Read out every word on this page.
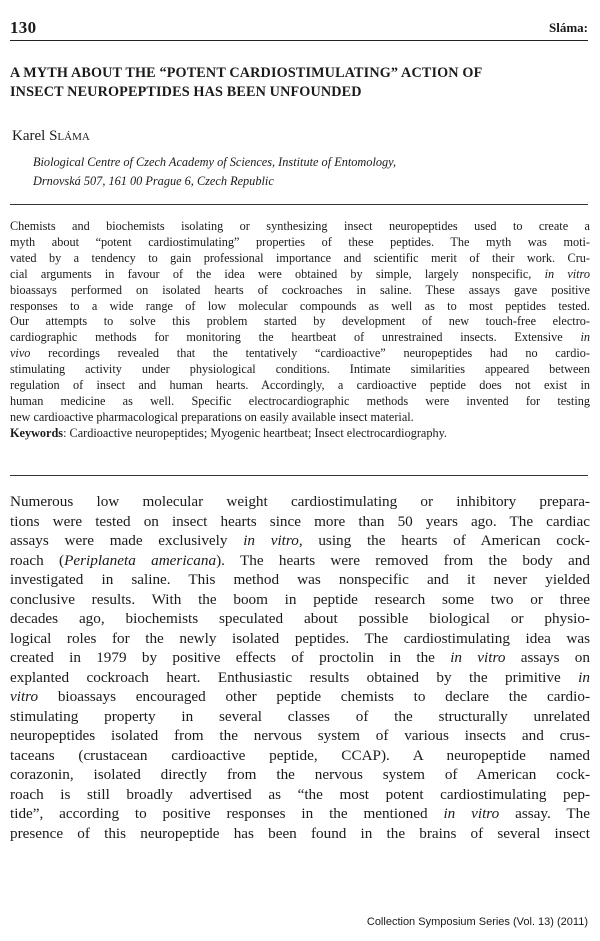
130	Sláma:
A MYTH ABOUT THE “POTENT CARDIOSTIMULATING” ACTION OF
INSECT NEUROPEPTIDES HAS BEEN UNFOUNDED

Karel Sláma

Biological Centre of Czech Academy of Sciences, Institute of Entomology,
Drnovská 507, 161 00 Prague 6, Czech Republic

Chemists and biochemists isolating or synthesizing insect neuropeptides used to create a
myth about “potent cardiostimulating” properties of these peptides. The myth was moti-
vated by a tendency to gain professional importance and scientific merit of their work. Cru-
cial arguments in favour of the idea were obtained by simple, largely nonspecific, in vitro
bioassays performed on isolated hearts of cockroaches in saline. These assays gave positive
responses to a wide range of low molecular compounds as well as to most peptides tested.
Our attempts to solve this problem started by development of new touch-free electro-
cardiographic methods for monitoring the heartbeat of unrestrained insects. Extensive in
vivo recordings revealed that the tentatively “cardioactive” neuropeptides had no cardio-
stimulating activity under physiological conditions. Intimate similarities appeared between
regulation of insect and human hearts. Accordingly, a cardioactive peptide does not exist in
human medicine as well. Specific electrocardiographic methods were invented for testing
new cardioactive pharmacological preparations on easily available insect material.
Keywords: Cardioactive neuropeptides; Myogenic heartbeat; Insect electrocardiography.
Numerous low molecular weight cardiostimulating or inhibitory prepara-
tions were tested on insect hearts since more than 50 years ago. The cardiac
assays were made exclusively in vitro, using the hearts of American cock-
roach (Periplaneta americana). The hearts were removed from the body and
investigated in saline. This method was nonspecific and it never yielded
conclusive results. With the boom in peptide research some two or three
decades ago, biochemists speculated about possible biological or physio-
logical roles for the newly isolated peptides. The cardiostimulating idea was
created in 1979 by positive effects of proctolin in the in vitro assays on
explanted cockroach heart. Enthusiastic results obtained by the primitive in
vitro bioassays encouraged other peptide chemists to declare the cardio-
stimulating property in several classes of the structurally unrelated
neuropeptides isolated from the nervous system of various insects and crus-
taceans (crustacean cardioactive peptide, CCAP). A neuropeptide named
corazonin, isolated directly from the nervous system of American cock-
roach is still broadly advertised as “the most potent cardiostimulating pep-
tide”, according to positive responses in the mentioned in vitro assay. The
presence of this neuropeptide has been found in the brains of several insect

Collection Symposium Series (Vol. 13) (2011)
